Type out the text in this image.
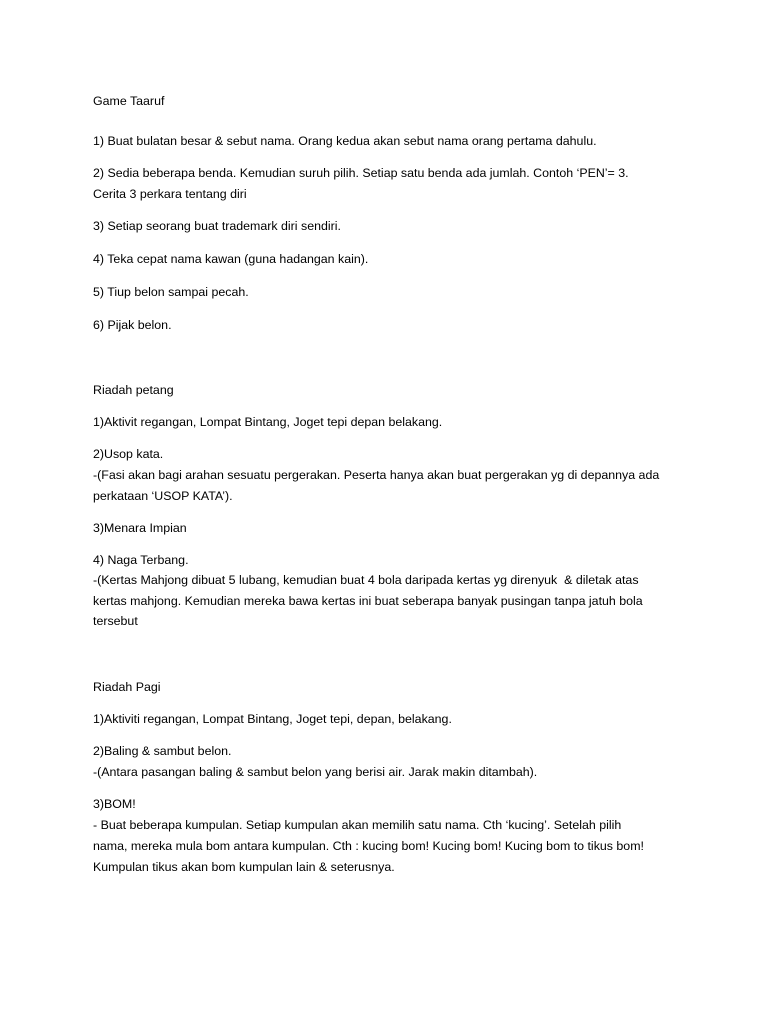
Game Taaruf

1) Buat bulatan besar & sebut nama. Orang kedua akan sebut nama orang pertama dahulu.

2) Sedia beberapa benda. Kemudian suruh pilih. Setiap satu benda ada jumlah. Contoh ‘PEN’= 3.

Cerita 3 perkara tentang diri

3) Setiap seorang buat trademark diri sendiri.

4) Teka cepat nama kawan (guna hadangan kain).

5) Tiup belon sampai pecah.

6) Pijak belon.

Riadah petang

1)Aktivit regangan, Lompat Bintang, Joget tepi depan belakang.

2)Usop kata.

-(Fasi akan bagi arahan sesuatu pergerakan. Peserta hanya akan buat pergerakan yg di depannya ada

perkataan ‘USOP KATA’).

3)Menara Impian

4) Naga Terbang.

-(Kertas Mahjong dibuat 5 lubang, kemudian buat 4 bola daripada kertas yg direnyuk  & diletak atas

kertas mahjong. Kemudian mereka bawa kertas ini buat seberapa banyak pusingan tanpa jatuh bola

tersebut

Riadah Pagi

1)Aktiviti regangan, Lompat Bintang, Joget tepi, depan, belakang.

2)Baling & sambut belon.

-(Antara pasangan baling & sambut belon yang berisi air. Jarak makin ditambah).

3)BOM!

- Buat beberapa kumpulan. Setiap kumpulan akan memilih satu nama. Cth ‘kucing’. Setelah pilih

nama, mereka mula bom antara kumpulan. Cth : kucing bom! Kucing bom! Kucing bom to tikus bom!

Kumpulan tikus akan bom kumpulan lain & seterusnya.
